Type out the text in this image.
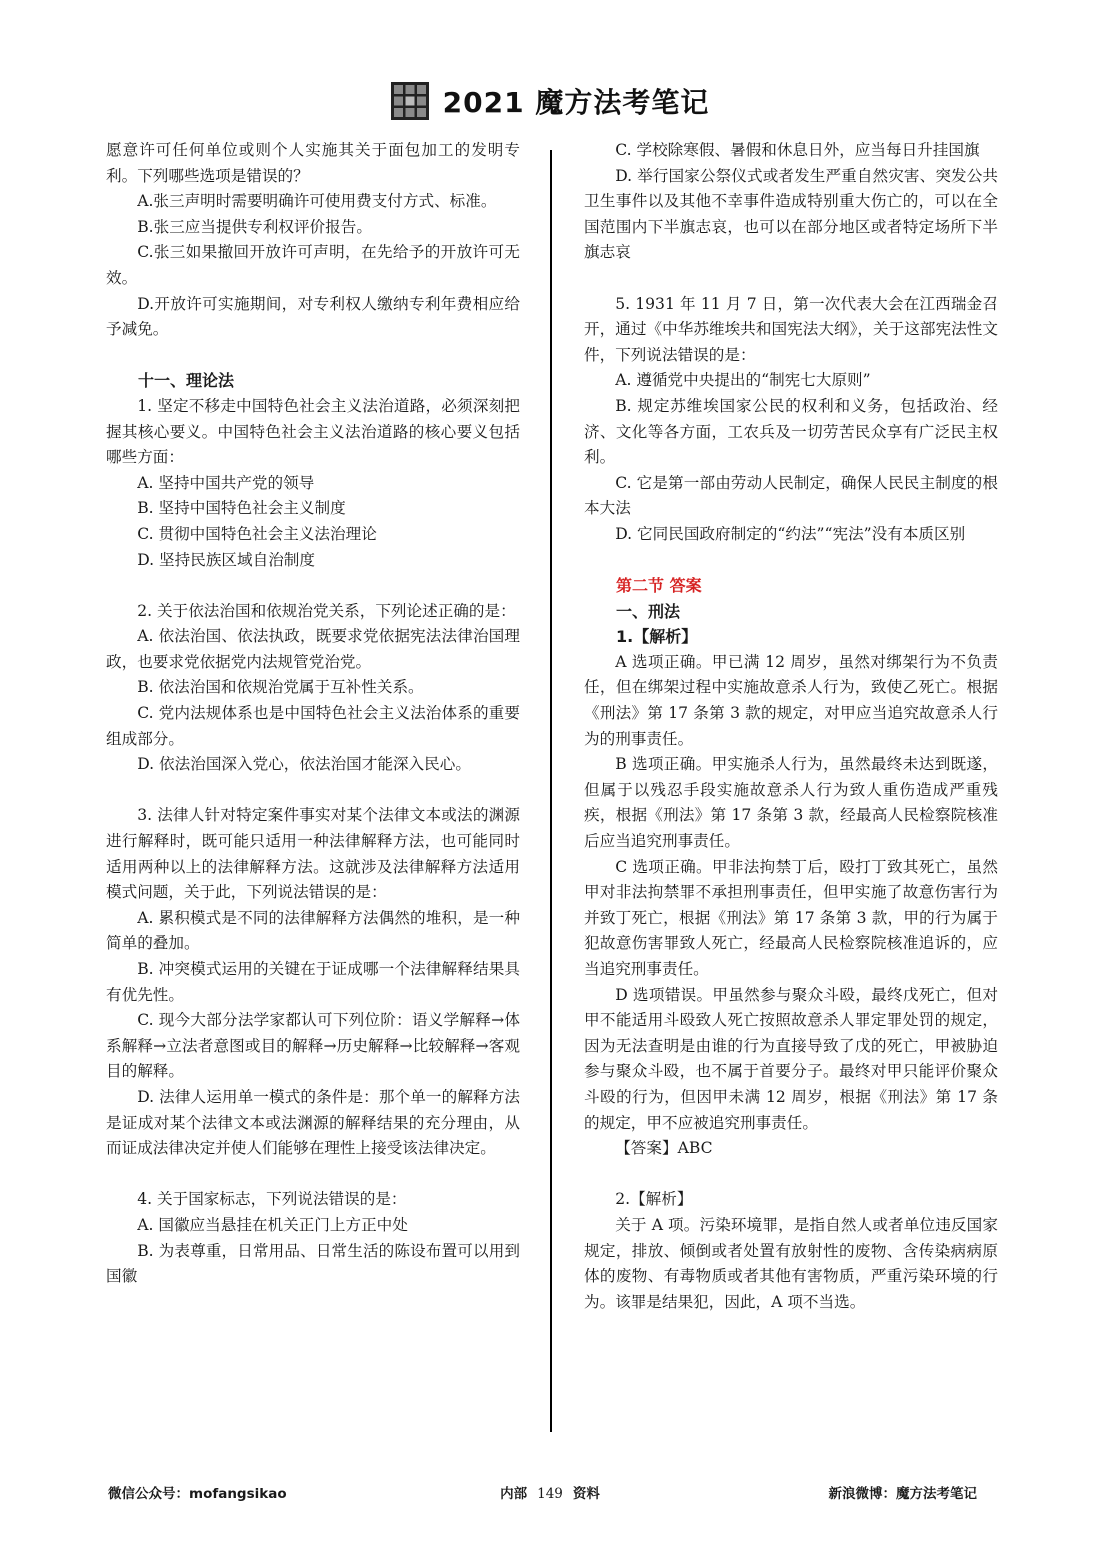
2021 魔方法考笔记

愿意许可任何单位或则个人实施其关于面包加工的发明专利。下列哪些选项是错误的？

A.张三声明时需要明确许可使用费支付方式、标准。

B.张三应当提供专利权评价报告。

C.张三如果撤回开放许可声明，在先给予的开放许可无效。

D.开放许可实施期间，对专利权人缴纳专利年费相应给予减免。

十一、理论法

1. 坚定不移走中国特色社会主义法治道路，必须深刻把握其核心要义。中国特色社会主义法治道路的核心要义包括哪些方面：

A. 坚持中国共产党的领导

B. 坚持中国特色社会主义制度

C. 贯彻中国特色社会主义法治理论

D. 坚持民族区域自治制度

2. 关于依法治国和依规治党关系，下列论述正确的是：

A. 依法治国、依法执政，既要求党依据宪法法律治国理政，也要求党依据党内法规管党治党。

B. 依法治国和依规治党属于互补性关系。

C. 党内法规体系也是中国特色社会主义法治体系的重要组成部分。

D. 依法治国深入党心，依法治国才能深入民心。

3. 法律人针对特定案件事实对某个法律文本或法的渊源进行解释时，既可能只适用一种法律解释方法，也可能同时适用两种以上的法律解释方法。这就涉及法律解释方法适用模式问题，关于此，下列说法错误的是：

A. 累积模式是不同的法律解释方法偶然的堆积，是一种简单的叠加。

B. 冲突模式运用的关键在于证成哪一个法律解释结果具有优先性。

C. 现今大部分法学家都认可下列位阶：语义学解释→体系解释→立法者意图或目的解释→历史解释→比较解释→客观目的解释。

D. 法律人运用单一模式的条件是：那个单一的解释方法是证成对某个法律文本或法渊源的解释结果的充分理由，从而证成法律决定并使人们能够在理性上接受该法律决定。

4. 关于国家标志，下列说法错误的是：

A. 国徽应当悬挂在机关正门上方正中处

B. 为表尊重，日常用品、日常生活的陈设布置可以用到国徽

C. 学校除寒假、暑假和休息日外，应当每日升挂国旗

D. 举行国家公祭仪式或者发生严重自然灾害、突发公共卫生事件以及其他不幸事件造成特别重大伤亡的，可以在全国范围内下半旗志哀，也可以在部分地区或者特定场所下半旗志哀

5. 1931 年 11 月 7 日，第一次代表大会在江西瑞金召开，通过《中华苏维埃共和国宪法大纲》，关于这部宪法性文件，下列说法错误的是：

A. 遵循党中央提出的“制宪七大原则”

B. 规定苏维埃国家公民的权利和义务，包括政治、经济、文化等各方面，工农兵及一切劳苦民众享有广泛民主权利。

C. 它是第一部由劳动人民制定，确保人民民主制度的根本大法

D. 它同民国政府制定的“约法”“宪法”没有本质区别

第二节 答案

一、刑法

1.【解析】

A 选项正确。甲已满 12 周岁，虽然对绑架行为不负责任，但在绑架过程中实施故意杀人行为，致使乙死亡。根据《刑法》第 17 条第 3 款的规定，对甲应当追究故意杀人行为的刑事责任。

B 选项正确。甲实施杀人行为，虽然最终未达到既遂，但属于以残忍手段实施故意杀人行为致人重伤造成严重残疾，根据《刑法》第 17 条第 3 款，经最高人民检察院核准后应当追究刑事责任。

C 选项正确。甲非法拘禁丁后，殴打丁致其死亡，虽然甲对非法拘禁罪不承担刑事责任，但甲实施了故意伤害行为并致丁死亡，根据《刑法》第 17 条第 3 款，甲的行为属于犯故意伤害罪致人死亡，经最高人民检察院核准追诉的，应当追究刑事责任。

D 选项错误。甲虽然参与聚众斗殴，最终戊死亡，但对甲不能适用斗殴致人死亡按照故意杀人罪定罪处罚的规定，因为无法查明是由谁的行为直接导致了戊的死亡，甲被胁迫参与聚众斗殴，也不属于首要分子。最终对甲只能评价聚众斗殴的行为，但因甲未满 12 周岁，根据《刑法》第 17 条的规定，甲不应被追究刑事责任。

【答案】ABC

2.【解析】

关于 A 项。污染环境罪，是指自然人或者单位违反国家规定，排放、倾倒或者处置有放射性的废物、含传染病病原体的废物、有毒物质或者其他有害物质，严重污染环境的行为。该罪是结果犯，因此，A 项不当选。

微信公众号：mofangsikao	内部 149 资料	新浪微博：魔方法考笔记
